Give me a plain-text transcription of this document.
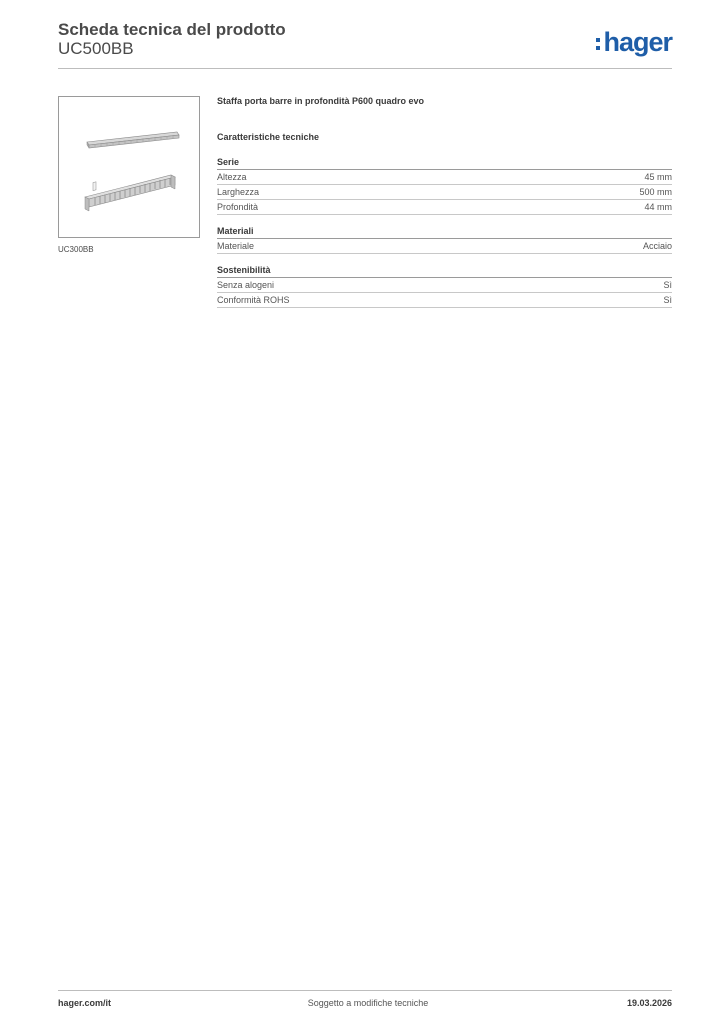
Scheda tecnica del prodotto
UC500BB	hager
UC300BB
Staffa porta barre in profondità P600 quadro evo
Caratteristiche tecniche
Serie
Altezza	45 mm
Larghezza	500 mm
Profondità	44 mm
Materiali
Materiale	Acciaio
Sostenibilità
Senza alogeni	Sì
Conformità ROHS	Sì
hager.com/it	Soggetto a modifiche tecniche	19.03.2026
